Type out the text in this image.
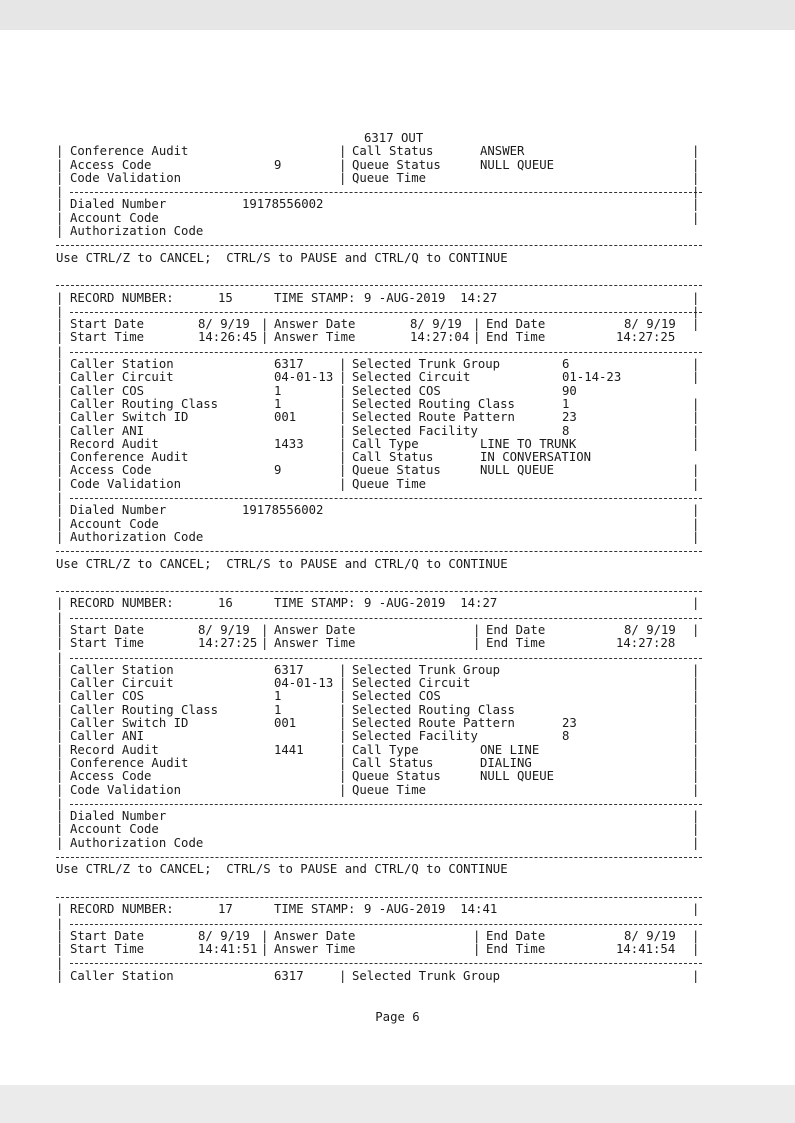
6317 OUT
| Conference Audit	| Call Status	ANSWER	|
| Access Code	9	| Queue Status	NULL QUEUE	|
| Code Validation	| Queue Time	|
|	|
| Dialed Number	19178556002	|
| Account Code	|
| Authorization Code
Use CTRL/Z to CANCEL;  CTRL/S to PAUSE and CTRL/Q to CONTINUE
| RECORD NUMBER:	15	TIME STAMP: 9 -AUG-2019  14:27	|
|	|
| Start Date	8/ 9/19 | Answer Date	8/ 9/19 | End Date	8/ 9/19 |
| Start Time	14:26:45 | Answer Time	14:27:04 | End Time	14:27:25
|
| Caller Station	6317	| Selected Trunk Group	6	|
| Caller Circuit	04-01-13 | Selected Circuit	01-14-23	|
| Caller COS	1	| Selected COS	90
| Caller Routing Class	1	| Selected Routing Class	1	|
| Caller Switch ID	001	| Selected Route Pattern	23	|
| Caller ANI	| Selected Facility	8	|
| Record Audit	1433	| Call Type	LINE TO TRUNK	|
| Conference Audit	| Call Status	IN CONVERSATION
| Access Code	9	| Queue Status	NULL QUEUE	|
| Code Validation	| Queue Time	|
|
| Dialed Number	19178556002	|
| Account Code	|
| Authorization Code	|
Use CTRL/Z to CANCEL;  CTRL/S to PAUSE and CTRL/Q to CONTINUE
| RECORD NUMBER:	16	TIME STAMP: 9 -AUG-2019  14:27	|
|
| Start Date	8/ 9/19 | Answer Date	| End Date	8/ 9/19 |
| Start Time	14:27:25 | Answer Time	| End Time	14:27:28
|
| Caller Station	6317	| Selected Trunk Group	|
| Caller Circuit	04-01-13 | Selected Circuit	|
| Caller COS	1	| Selected COS	|
| Caller Routing Class	1	| Selected Routing Class	|
| Caller Switch ID	001	| Selected Route Pattern	23	|
| Caller ANI	| Selected Facility	8	|
| Record Audit	1441	| Call Type	ONE LINE	|
| Conference Audit	| Call Status	DIALING	|
| Access Code	| Queue Status	NULL QUEUE	|
| Code Validation	| Queue Time	|
|
| Dialed Number	|
| Account Code	|
| Authorization Code	|
Use CTRL/Z to CANCEL;  CTRL/S to PAUSE and CTRL/Q to CONTINUE
| RECORD NUMBER:	17	TIME STAMP: 9 -AUG-2019  14:41	|
|
| Start Date	8/ 9/19 | Answer Date	| End Date	8/ 9/19 |
| Start Time	14:41:51 | Answer Time	| End Time	14:41:54 |
|
| Caller Station	6317	| Selected Trunk Group	|
Page 6
